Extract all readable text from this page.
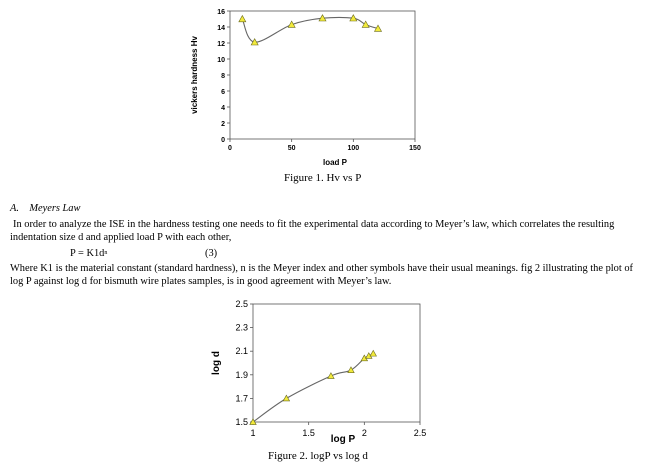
0
2
4
6
8
10
12
14
16
0	50	100	150
load P
vickers hardness Hv
Figure 1. Hv vs P
A. Meyers Law
In order to analyze the ISE in the hardness testing one needs to fit the experimental data according to Meyer’s law, which correlates the resulting indentation size d and applied load P with each other,
$P = K1d^n$	(3)
Where K1 is the material constant (standard hardness), n is the Meyer index and other symbols have their usual meanings. fig 2 illustrating the plot of log P against log d for bismuth wire plates samples, is in good agreement with Meyer’s law.
1.5
1.7
1.9
2.1
2.3
2.5
1	1.5	2	2.5
log P
log d
Figure 2. logP vs log d
